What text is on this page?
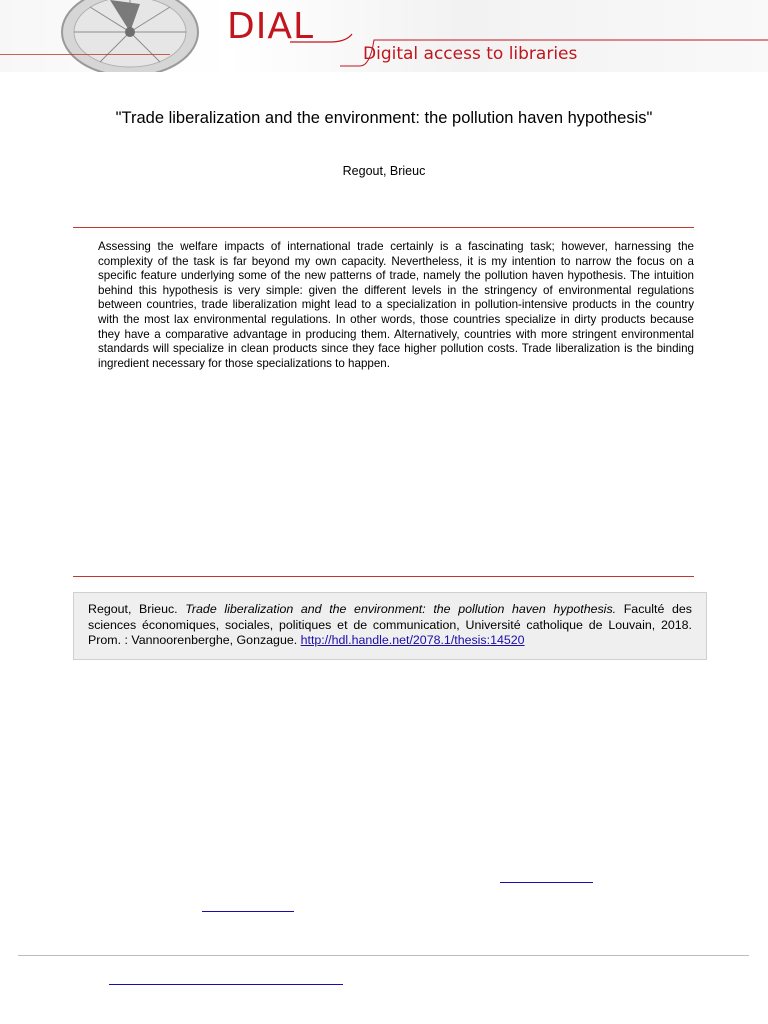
DIAL
Digital access to libraries
"Trade liberalization and the environment: the pollution haven hypothesis"
Regout, Brieuc

Assessing the welfare impacts of international trade certainly is a fascinating task; however, harnessing the complexity of the task is far beyond my own capacity. Nevertheless, it is my intention to narrow the focus on a specific feature underlying some of the new patterns of trade, namely the pollution haven hypothesis. The intuition behind this hypothesis is very simple: given the different levels in the stringency of environmental regulations between countries, trade liberalization might lead to a specialization in pollution-intensive products in the country with the most lax environmental regulations. In other words, those countries specialize in dirty products because they have a comparative advantage in producing them. Alternatively, countries with more stringent environmental standards will specialize in clean products since they face higher pollution costs. Trade liberalization is the binding ingredient necessary for those specializations to happen.

Regout, Brieuc. Trade liberalization and the environment: the pollution haven hypothesis. Faculté des sciences économiques, sociales, politiques et de communication, Université catholique de Louvain, 2018. Prom. : Vannoorenberghe, Gonzague. http://hdl.handle.net/2078.1/thesis:14520
